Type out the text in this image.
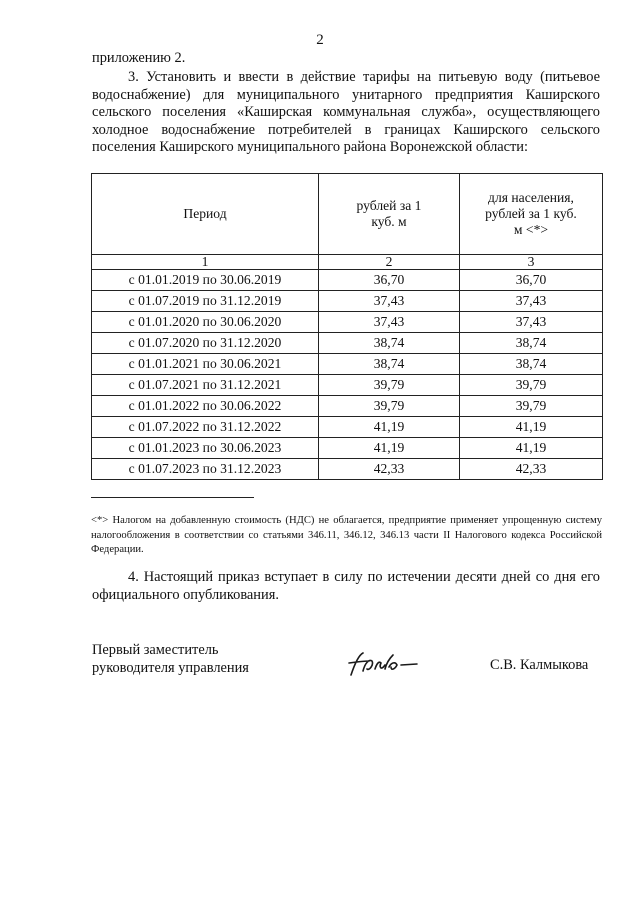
2

приложению 2.

3. Установить и ввести в действие тарифы на питьевую воду (питьевое водоснабжение) для муниципального унитарного предприятия Каширского сельского поселения «Каширская коммунальная служба», осуществляющего холодное водоснабжение потребителей в границах Каширского сельского поселения Каширского муниципального района Воронежской области:

Период	рублей за 1 куб. м	для населения, рублей за 1 куб. м <*>

1	2	3
с 01.01.2019 по 30.06.2019	36,70	36,70
с 01.07.2019 по 31.12.2019	37,43	37,43
с 01.01.2020 по 30.06.2020	37,43	37,43
с 01.07.2020 по 31.12.2020	38,74	38,74
с 01.01.2021 по 30.06.2021	38,74	38,74
с 01.07.2021 по 31.12.2021	39,79	39,79
с 01.01.2022 по 30.06.2022	39,79	39,79
с 01.07.2022 по 31.12.2022	41,19	41,19
с 01.01.2023 по 30.06.2023	41,19	41,19
с 01.07.2023 по 31.12.2023	42,33	42,33

<*> Налогом на добавленную стоимость (НДС) не облагается, предприятие применяет упрощенную систему налогообложения в соответствии со статьями 346.11, 346.12, 346.13 части II Налогового кодекса Российской Федерации.

4. Настоящий приказ вступает в силу по истечении десяти дней со дня его официального опубликования.

Первый заместитель
руководителя управления	С.В. Калмыкова
